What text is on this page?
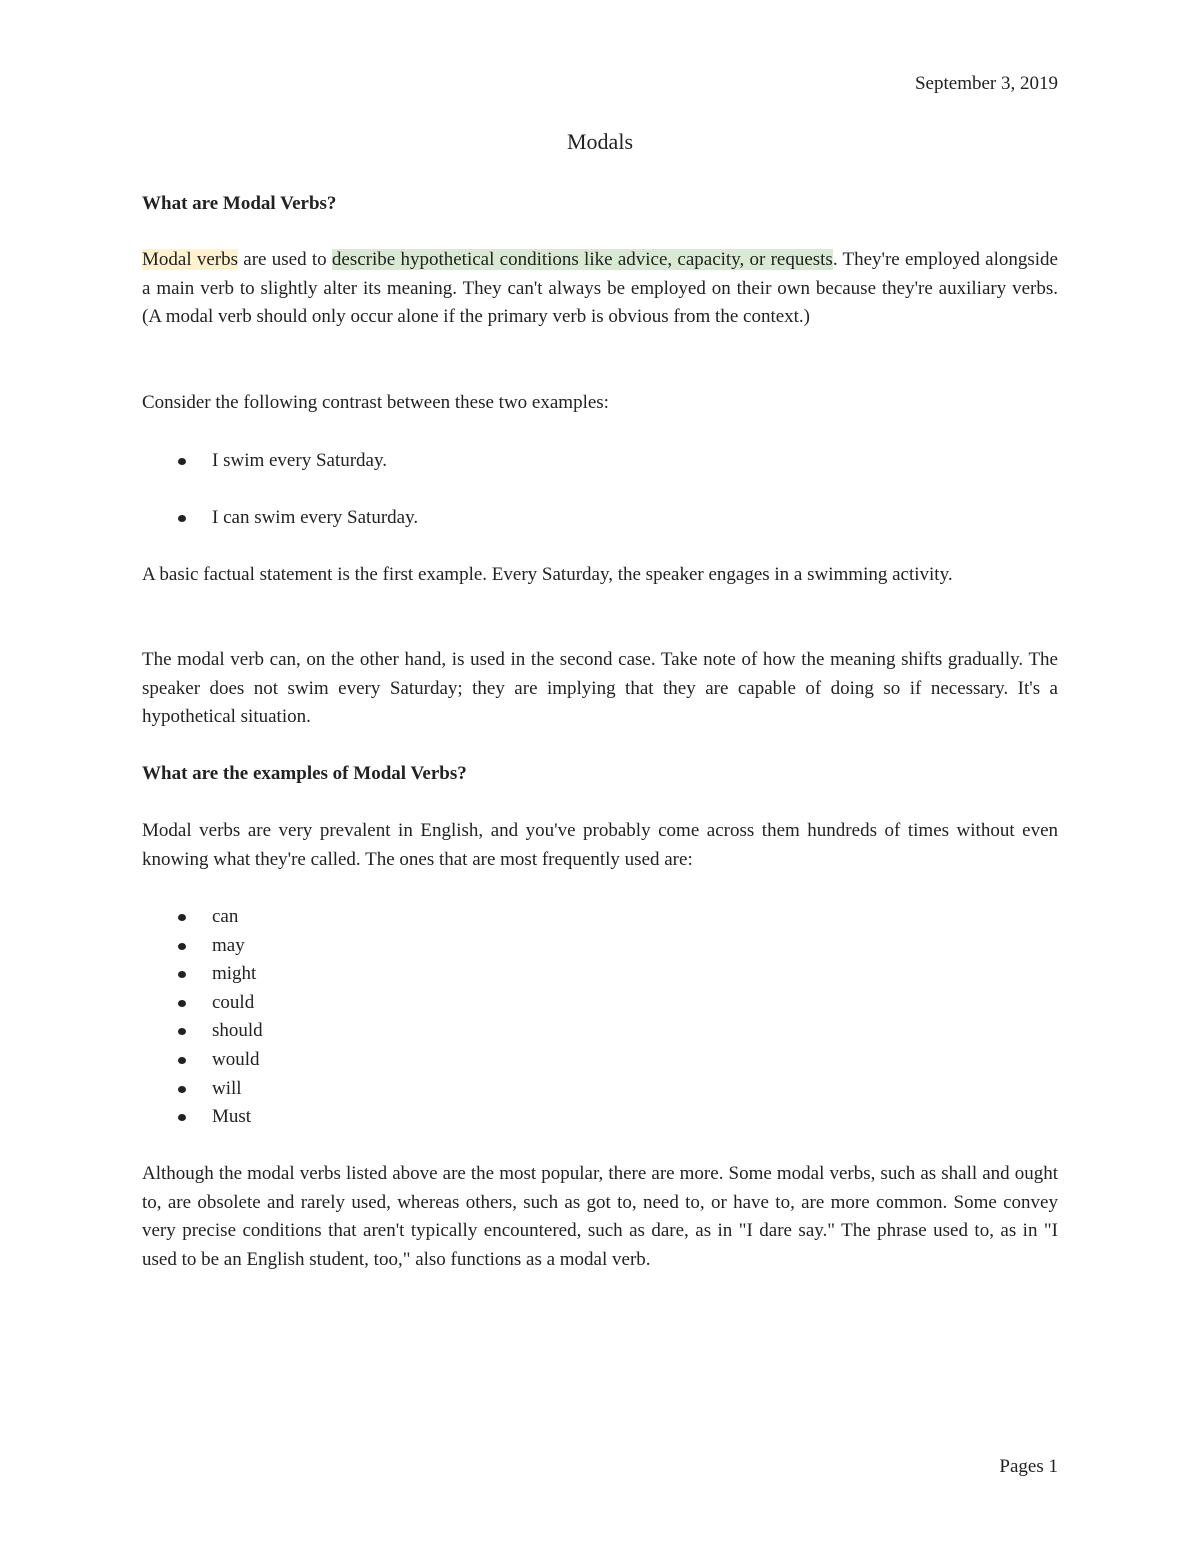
September 3, 2019
Modals
What are Modal Verbs?

Modal verbs are used to describe hypothetical conditions like advice, capacity, or requests. They're employed alongside a main verb to slightly alter its meaning. They can't always be employed on their own because they're auxiliary verbs. (A modal verb should only occur alone if the primary verb is obvious from the context.)

Consider the following contrast between these two examples:

I swim every Saturday.
I can swim every Saturday.

A basic factual statement is the first example. Every Saturday, the speaker engages in a swimming activity.

The modal verb can, on the other hand, is used in the second case. Take note of how the meaning shifts gradually. The speaker does not swim every Saturday; they are implying that they are capable of doing so if necessary. It's a hypothetical situation.

What are the examples of Modal Verbs?

Modal verbs are very prevalent in English, and you've probably come across them hundreds of times without even knowing what they're called. The ones that are most frequently used are:

can
may
might
could
should
would
will
Must

Although the modal verbs listed above are the most popular, there are more. Some modal verbs, such as shall and ought to, are obsolete and rarely used, whereas others, such as got to, need to, or have to, are more common. Some convey very precise conditions that aren't typically encountered, such as dare, as in "I dare say." The phrase used to, as in "I used to be an English student, too," also functions as a modal verb.

Pages 1
